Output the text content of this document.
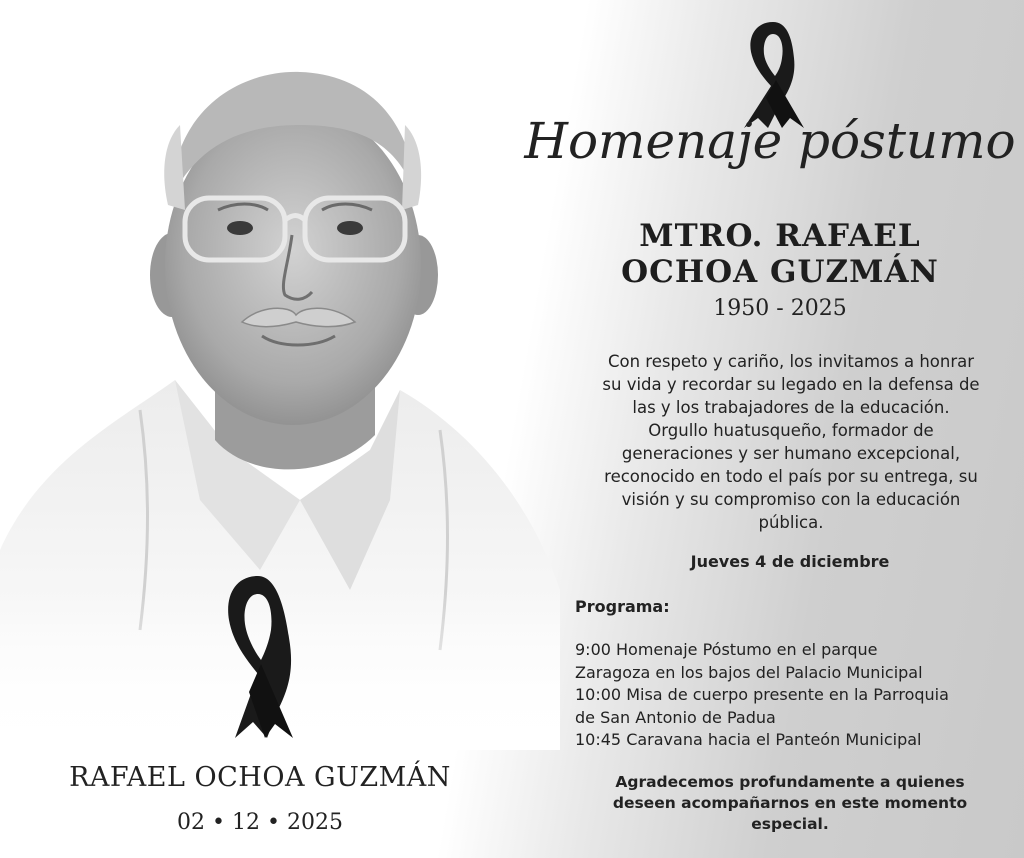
RAFAEL OCHOA GUZMÁN
02 • 12 • 2025
Homenaje póstumo
MTRO. RAFAEL
OCHOA GUZMÁN
1950 - 2025
Con respeto y cariño, los invitamos a honrar
su vida y recordar su legado en la defensa de
las y los trabajadores de la educación.
Orgullo huatusqueño, formador de
generaciones y ser humano excepcional,
reconocido en todo el país por su entrega, su
visión y su compromiso con la educación
pública.
Jueves 4 de diciembre
Programa:
9:00 Homenaje Póstumo en el parque
Zaragoza en los bajos del Palacio Municipal
10:00 Misa de cuerpo presente en la Parroquia
de San Antonio de Padua
10:45 Caravana hacia el Panteón Municipal
Agradecemos profundamente a quienes
deseen acompañarnos en este momento
especial.
